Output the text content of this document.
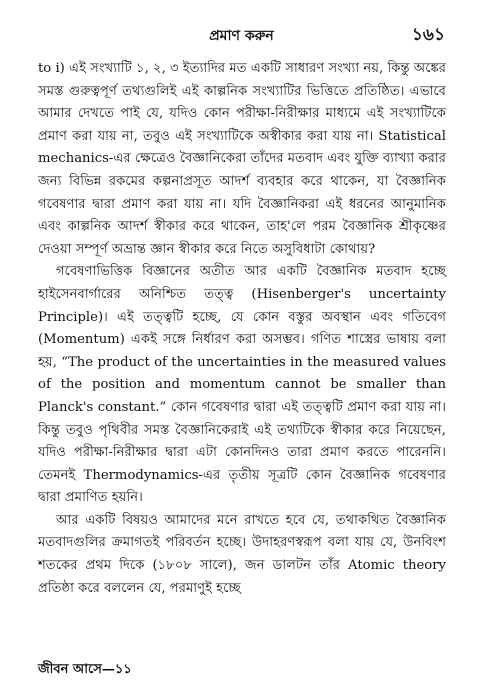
প্রমাণ করুন	১৬১

to i) এই সংখ্যাটি ১, ২, ৩ ইত্যাদির মত একটি সাধারণ সংখ্যা নয়, কিন্তু অঙ্কের সমস্ত গুরুত্বপূর্ণ তথ্যগুলিই এই কাল্পনিক সংখ্যাটির ভিত্তিতে প্রতিষ্ঠিত। এভাবে আমার দেখতে পাই যে, যদিও কোন পরীক্ষা-নিরীক্ষার মাধ্যমে এই সংখ্যাটিকে প্রমাণ করা যায় না, তবুও এই সংখ্যাটিকে অস্বীকার করা যায় না। Statistical mechanics-এর ক্ষেত্রেও বৈজ্ঞানিকেরা তাঁদের মতবাদ এবং যুক্তি ব্যাখ্যা করার জন্য বিভিন্ন রকমের কল্পনাপ্রসূত আদর্শ ব্যবহার করে থাকেন, যা বৈজ্ঞানিক গবেষণার দ্বারা প্রমাণ করা যায় না। যদি বৈজ্ঞানিকরা এই ধরনের আনুমানিক এবং কাল্পনিক আদর্শ স্বীকার করে থাকেন, তাহ'লে পরম বৈজ্ঞানিক শ্রীকৃষ্ণের দেওয়া সম্পূর্ণ অভ্রান্ত জ্ঞান স্বীকার করে নিতে অসুবিধাটা কোথায়?

গবেষণাভিত্তিক বিজ্ঞানের অতীত আর একটি বৈজ্ঞানিক মতবাদ হচ্ছে হাইসেনবার্গারের অনিশ্চিত তত্ত্ব (Hisenberger's uncertainty Principle)। এই তত্ত্বটি হচ্ছে, যে কোন বস্তুর অবস্থান এবং গতিবেগ (Momentum) একই সঙ্গে নির্ধারণ করা অসম্ভব। গণিত শাস্ত্রের ভাষায় বলা হয়, “The product of the uncertainties in the measured values of the position and momentum cannot be smaller than Planck's constant.” কোন গবেষণার দ্বারা এই তত্ত্বটি প্রমাণ করা যায় না। কিন্তু তবুও পৃথিবীর সমস্ত বৈজ্ঞানিকেরাই এই তথ্যটিকে স্বীকার করে নিয়েছেন, যদিও পরীক্ষা-নিরীক্ষার দ্বারা এটা কোনদিনও তারা প্রমাণ করতে পারেননি। তেমনই Thermodynamics-এর তৃতীয় সূত্রটি কোন বৈজ্ঞানিক গবেষণার দ্বারা প্রমাণিত হয়নি।

আর একটি বিষয়ও আমাদের মনে রাখতে হবে যে, তথাকথিত বৈজ্ঞানিক মতবাদগুলির ক্রমাগতই পরিবর্তন হচ্ছে। উদাহরণস্বরূপ বলা যায় যে, উনবিংশ শতকের প্রথম দিকে (১৮০৮ সালে), জন ডালটন তাঁর Atomic theory প্রতিষ্ঠা করে বললেন যে, পরমাণুই হচ্ছে

জীবন আসে—১১
